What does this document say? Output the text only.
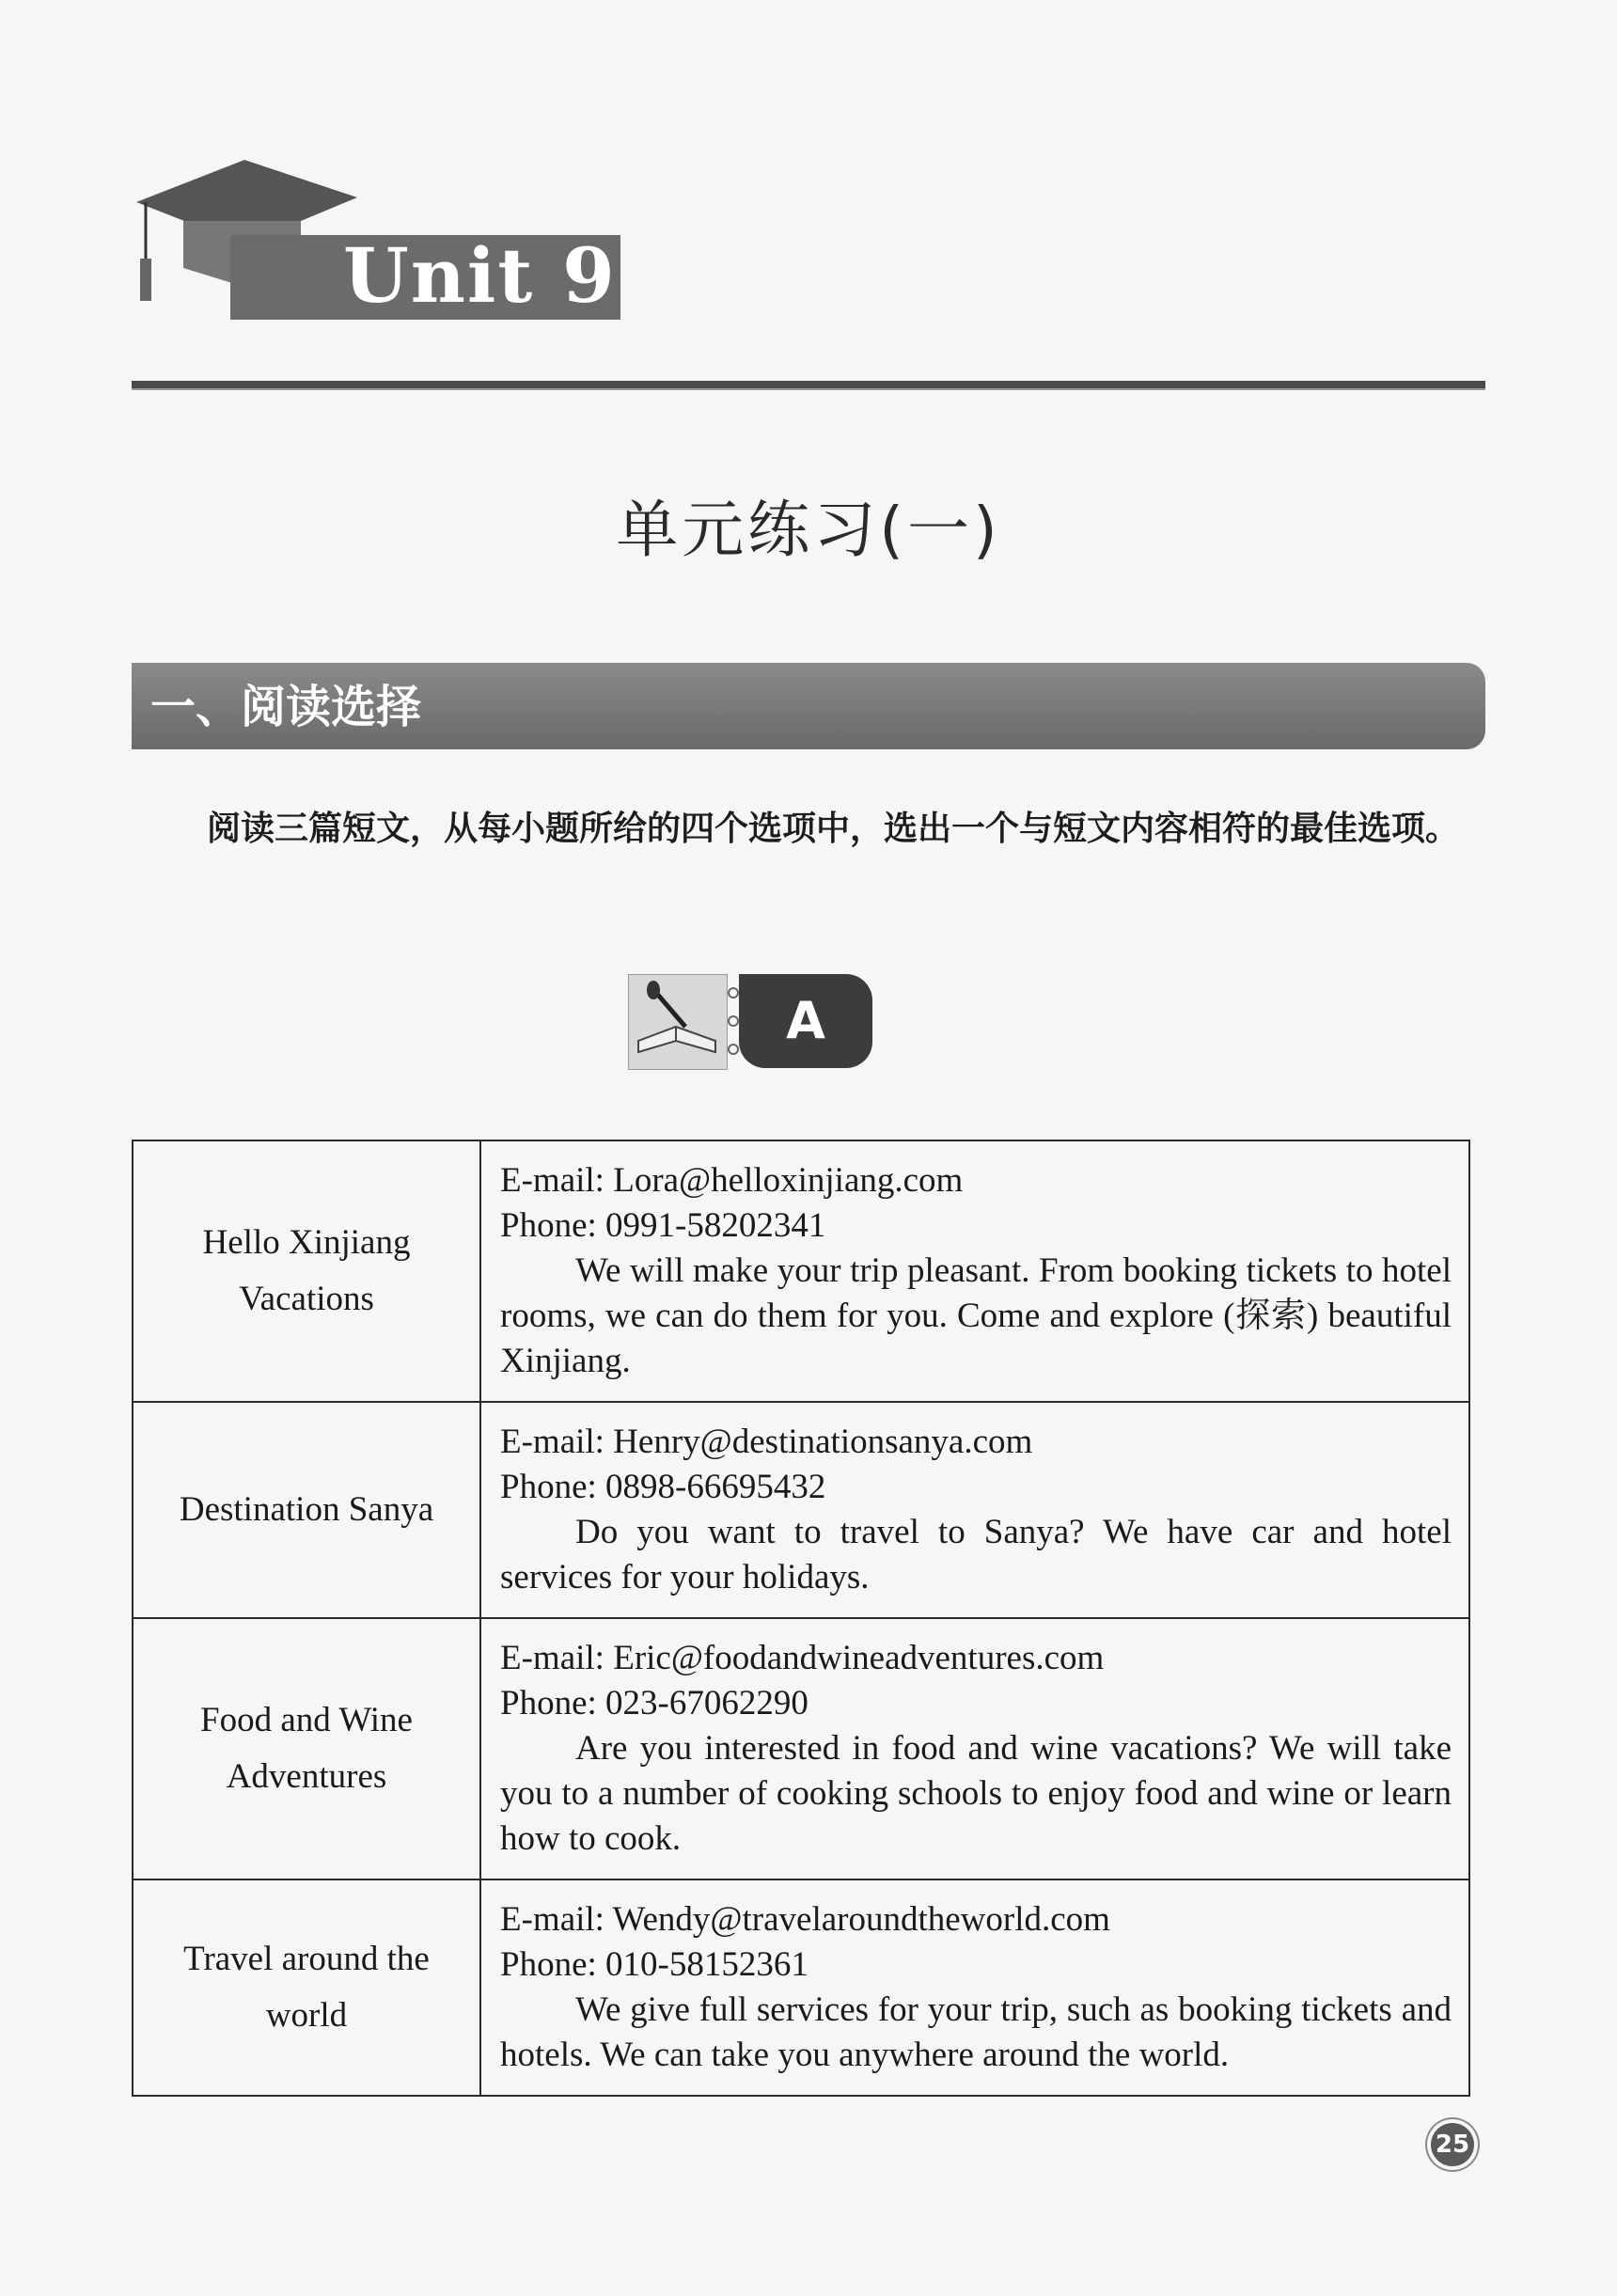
Unit 9
单元练习(一)
一、阅读选择
阅读三篇短文，从每小题所给的四个选项中，选出一个与短文内容相符的最佳选项。
A
Hello Xinjiang Vacations	E-mail: Lora@helloxinjiang.com
Phone: 0991-58202341
We will make your trip pleasant. From booking tickets to hotel rooms, we can do them for you. Come and explore (探索) beautiful Xinjiang.

Destination Sanya	E-mail: Henry@destinationsanya.com
Phone: 0898-66695432
Do you want to travel to Sanya? We have car and hotel services for your holidays.

Food and Wine Adventures	E-mail: Eric@foodandwineadventures.com
Phone: 023-67062290
Are you interested in food and wine vacations? We will take you to a number of cooking schools to enjoy food and wine or learn how to cook.

Travel around the world	E-mail: Wendy@travelaroundtheworld.com
Phone: 010-58152361
We give full services for your trip, such as booking tickets and hotels. We can take you anywhere around the world.
25
